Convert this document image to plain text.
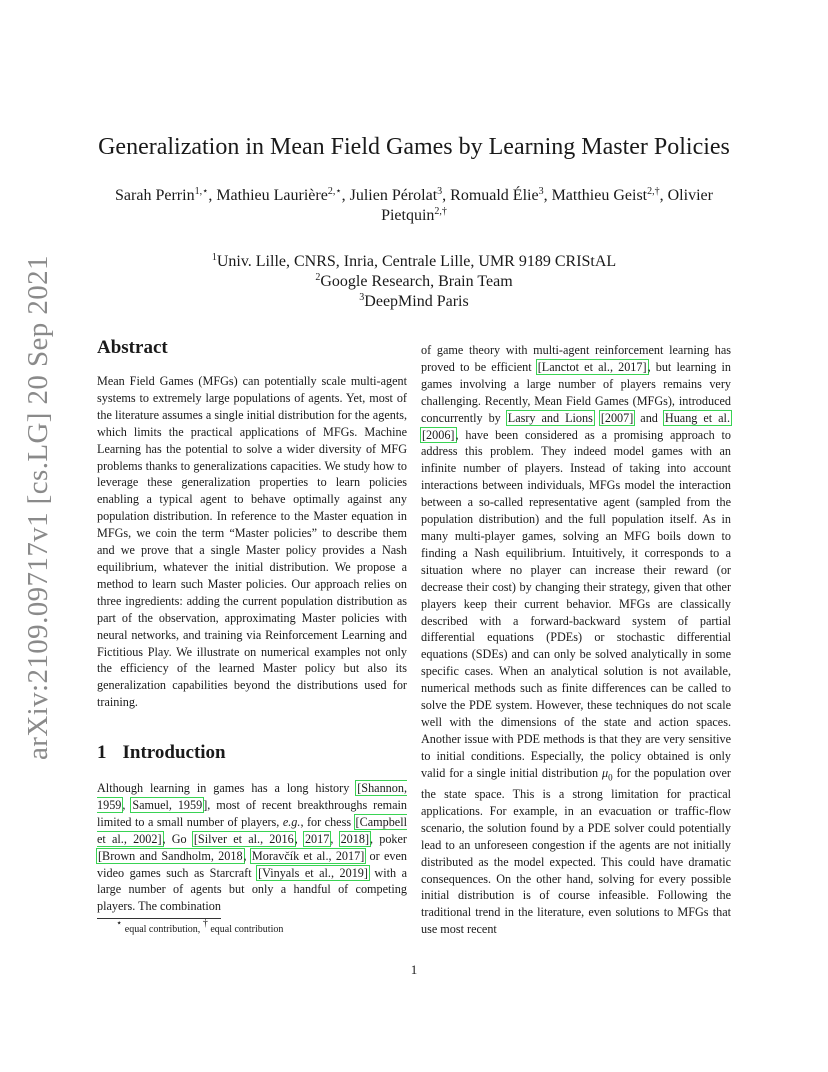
arXiv:2109.09717v1 [cs.LG] 20 Sep 2021
Generalization in Mean Field Games by Learning Master Policies
Sarah Perrin$^{1,⋆}$, Mathieu Laurière$^{2,⋆}$, Julien Pérolat$^3$, Romuald Élie$^3$, Matthieu Geist$^{2,\dagger}$, Olivier Pietquin$^{2,\dagger}$
$^1$Univ. Lille, CNRS, Inria, Centrale Lille, UMR 9189 CRIStAL
$^2$Google Research, Brain Team
$^3$DeepMind Paris
Abstract
Mean Field Games (MFGs) can potentially scale multi-agent systems to extremely large populations of agents. Yet, most of the literature assumes a single initial distribution for the agents, which limits the practical applications of MFGs. Machine Learning has the potential to solve a wider diversity of MFG problems thanks to generalizations capacities. We study how to leverage these generalization properties to learn policies enabling a typical agent to behave optimally against any population distribution. In reference to the Master equation in MFGs, we coin the term “Master policies” to describe them and we prove that a single Master policy provides a Nash equilibrium, whatever the initial distribution. We propose a method to learn such Master policies. Our approach relies on three ingredients: adding the current population distribution as part of the observation, approximating Master policies with neural networks, and training via Reinforcement Learning and Fictitious Play. We illustrate on numerical examples not only the efficiency of the learned Master policy but also its generalization capabilities beyond the distributions used for training.
1 Introduction
Although learning in games has a long history [Shannon, 1959, Samuel, 1959], most of recent breakthroughs remain limited to a small number of players, e.g., for chess [Campbell et al., 2002], Go [Silver et al., 2016, 2017, 2018], poker [Brown and Sandholm, 2018, Moravčík et al., 2017] or even video games such as Starcraft [Vinyals et al., 2019] with a large number of agents but only a handful of competing players. The combination
of game theory with multi-agent reinforcement learning has proved to be efficient [Lanctot et al., 2017], but learning in games involving a large number of players remains very challenging. Recently, Mean Field Games (MFGs), introduced concurrently by Lasry and Lions [2007] and Huang et al. [2006], have been considered as a promising approach to address this problem. They indeed model games with an infinite number of players. Instead of taking into account interactions between individuals, MFGs model the interaction between a so-called representative agent (sampled from the population distribution) and the full population itself. As in many multi-player games, solving an MFG boils down to finding a Nash equilibrium. Intuitively, it corresponds to a situation where no player can increase their reward (or decrease their cost) by changing their strategy, given that other players keep their current behavior. MFGs are classically described with a forward-backward system of partial differential equations (PDEs) or stochastic differential equations (SDEs) and can only be solved analytically in some specific cases. When an analytical solution is not available, numerical methods such as finite differences can be called to solve the PDE system. However, these techniques do not scale well with the dimensions of the state and action spaces. Another issue with PDE methods is that they are very sensitive to initial conditions. Especially, the policy obtained is only valid for a single initial distribution $\mu_0$ for the population over the state space. This is a strong limitation for practical applications. For example, in an evacuation or traffic-flow scenario, the solution found by a PDE solver could potentially lead to an unforeseen congestion if the agents are not initially distributed as the model expected. This could have dramatic consequences. On the other hand, solving for every possible initial distribution is of course infeasible. Following the traditional trend in the literature, even solutions to MFGs that use most recent
⋆ equal contribution, † equal contribution
1
